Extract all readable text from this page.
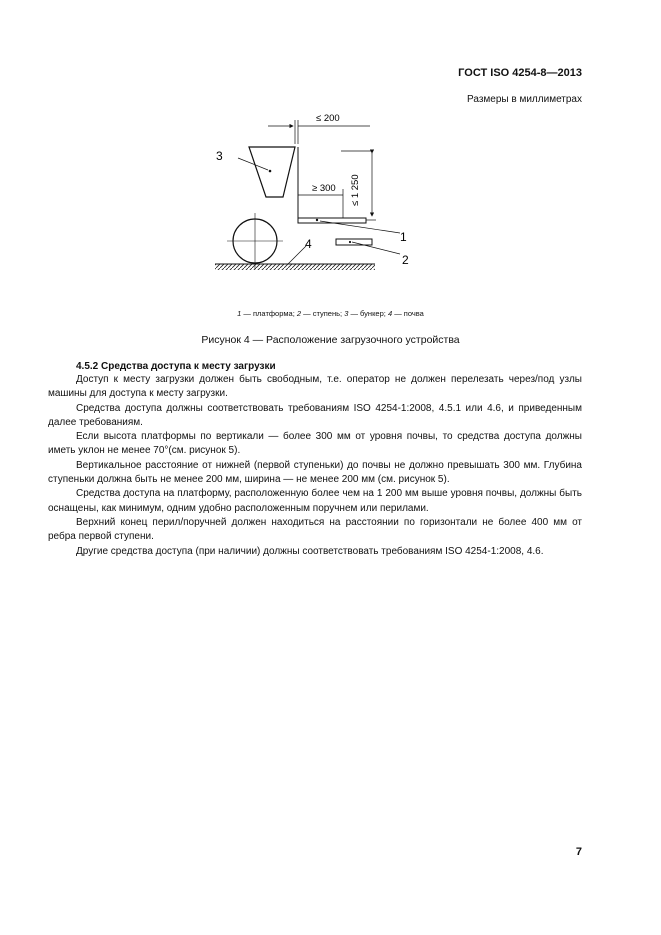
ГОСТ ISO 4254-8—2013
Размеры в миллиметрах
≤ 200
≥ 300 ≤ 1 250
3
1
2
4
1 — платформа; 2 — ступень; 3 — бункер; 4 — почва
Рисунок 4 — Расположение загрузочного устройства
4.5.2 Средства доступа к месту загрузки

Доступ к месту загрузки должен быть свободным, т.е. оператор не должен перелезать через/под узлы машины для доступа к месту загрузки.

Средства доступа должны соответствовать требованиям ISO 4254-1:2008, 4.5.1 или 4.6, и приведенным далее требованиям.

Если высота платформы по вертикали — более 300 мм от уровня почвы, то средства доступа должны иметь уклон не менее 70°(см. рисунок 5).

Вертикальное расстояние от нижней (первой ступеньки) до почвы не должно превышать 300 мм. Глубина ступеньки должна быть не менее 200 мм, ширина — не менее 200 мм (см. рисунок 5).

Средства доступа на платформу, расположенную более чем на 1 200 мм выше уровня почвы, должны быть оснащены, как минимум, одним удобно расположенным поручнем или перилами.

Верхний конец перил/поручней должен находиться на расстоянии по горизонтали не более 400 мм от ребра первой ступени.

Другие средства доступа (при наличии) должны соответствовать требованиям ISO 4254-1:2008, 4.6.

7
